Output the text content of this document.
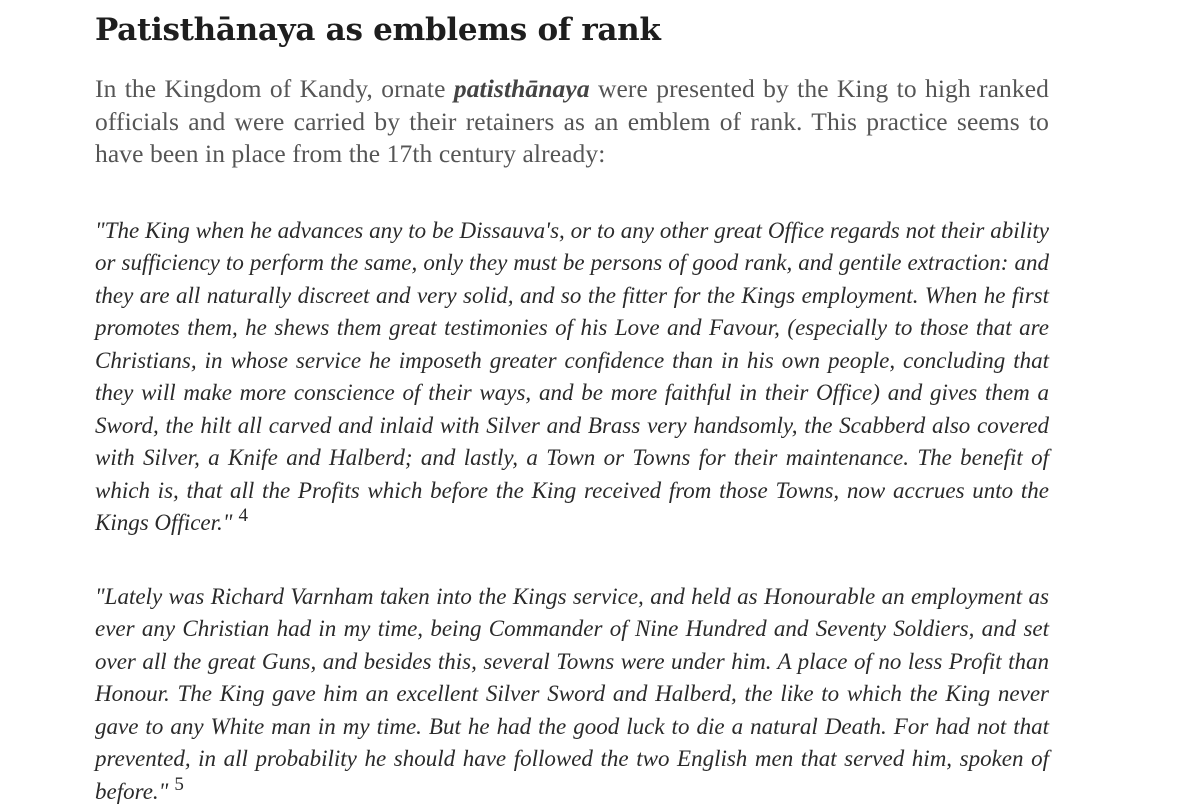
Patisthānaya as emblems of rank

In the Kingdom of Kandy, ornate patisthānaya were presented by the King to high ranked officials and were carried by their retainers as an emblem of rank. This practice seems to have been in place from the 17th century already:

"The King when he advances any to be Dissauva's, or to any other great Office regards not their ability or sufficiency to perform the same, only they must be persons of good rank, and gentile extraction: and they are all naturally discreet and very solid, and so the fitter for the Kings employment. When he first promotes them, he shews them great testimonies of his Love and Favour, (especially to those that are Christians, in whose service he imposeth greater confidence than in his own people, concluding that they will make more conscience of their ways, and be more faithful in their Office) and gives them a Sword, the hilt all carved and inlaid with Silver and Brass very handsomly, the Scabberd also covered with Silver, a Knife and Halberd; and lastly, a Town or Towns for their maintenance. The benefit of which is, that all the Profits which before the King received from those Towns, now accrues unto the Kings Officer." $^4$

"Lately was Richard Varnham taken into the Kings service, and held as Honourable an employment as ever any Christian had in my time, being Commander of Nine Hundred and Seventy Soldiers, and set over all the great Guns, and besides this, several Towns were under him. A place of no less Profit than Honour. The King gave him an excellent Silver Sword and Halberd, the like to which the King never gave to any White man in my time. But he had the good luck to die a natural Death. For had not that prevented, in all probability he should have followed the two English men that served him, spoken of before." $^5$
